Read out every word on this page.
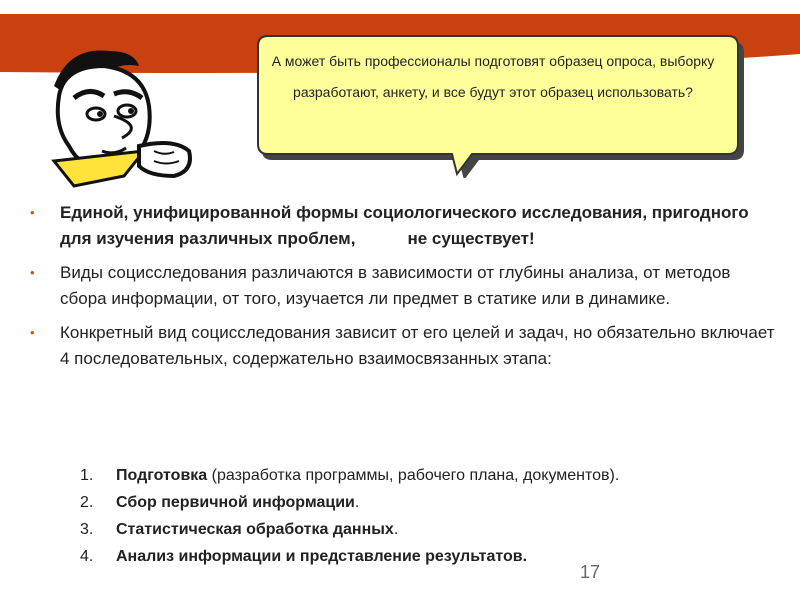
А может быть профессионалы подготовят образец опроса, выборку разработают, анкету, и все будут этот образец использовать?
• Единой, унифицированной формы социологического исследования, пригодного для изучения различных проблем,	не существует!
• Виды социсследования различаются в зависимости от глубины анализа, от методов сбора информации, от того, изучается ли предмет в статике или в динамике.
• Конкретный вид социсследования зависит от его целей и задач, но обязательно включает 4 последовательных, содержательно взаимосвязанных этапа:
1. Подготовка (разработка программы, рабочего плана, документов).
2. Сбор первичной информации.
3. Статистическая обработка данных.
4. Анализ информации и представление результатов.
17
